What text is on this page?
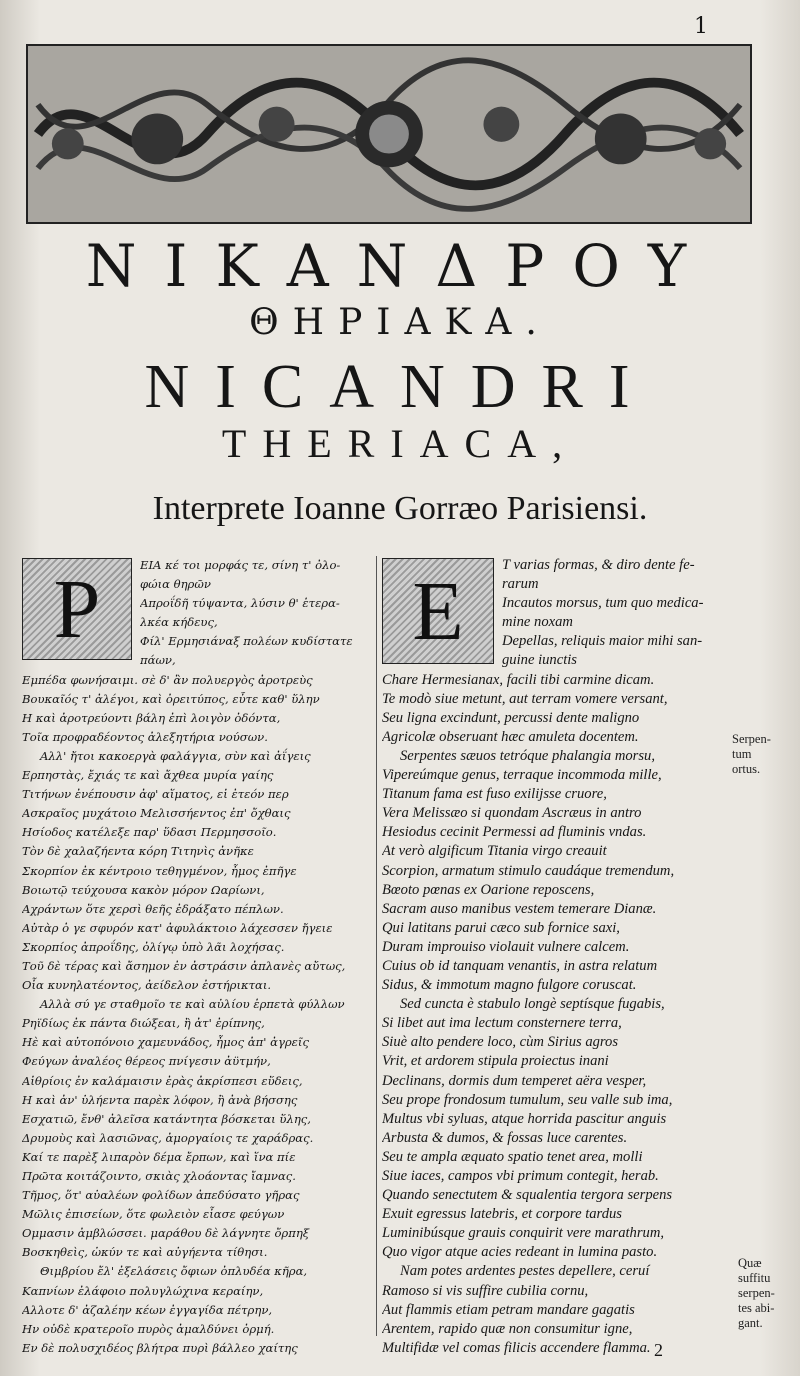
1
ΝΙΚΑΝΔΡΟΥ
ΘΗΡΙΑΚΑ.
NICANDRI
THERIACA,
Interprete Ioanne Gorræo Parisiensi.
P	ΕΙΑ κέ τοι μορφάς τε, σίνη τ' ὀλο-
φώια θηρῶν
Απροΐδῆ τύψαντα, λύσιν θ' ἑτερα-
λκέα κήδευς,
Φίλ' Ερμησιάναξ πολέων κυδίστατε
πάων,
Εμπέδα φωνήσαιμι. σὲ δ' ἂν πολυεργὸς ἀροτρεὺς
Βουκαῖός τ' ἀλέγοι, καὶ ὀρειτύπος, εὖτε καθ' ὕλην
Η καὶ ἀροτρεύοντι βάλη ἐπὶ λοιγὸν ὀδόντα,
Τοῖα προφραδέοντος ἀλεξητήρια νούσων.
Αλλ' ἤτοι κακοεργὰ φαλάγγια, σὺν καὶ ἀΐγεις
Ερπηστὰς, ἔχιάς τε καὶ ἄχθεα μυρία γαίης
Τιτήνων ἐνέπουσιν ἀφ' αἵματος, εἰ ἐτεόν περ
Ασκραῖος μυχάτοιο Μελισσήεντος ἐπ' ὄχθαις
Ησίοδος κατέλεξε παρ' ὕδασι Περμησσοῖο.
Τὸν δὲ χαλαζήεντα κόρη Τιτηνὶς ἀνῆκε
Σκορπίον ἐκ κέντροιο τεθηγμένον, ἦμος ἐπῆγε
Βοιωτῷ τεύχουσα κακὸν μόρον Ωαρίωνι,
Αχράντων ὅτε χερσὶ θεῆς ἐδράξατο πέπλων.
Αὐτὰρ ὁ γε σφυρόν κατ' ἀφυλάκτοιο λάχεσσεν ἤγειε
Σκορπίος ἀπροΐδης, ὀλίγῳ ὑπὸ λᾶι λοχήσας.
Τοῦ δὲ τέρας καὶ ἄσημον ἐν ἀστράσιν ἀπλανὲς αὔτως,
Οἷα κυνηλατέοντος, ἀείδελον ἐστήρικται.
Αλλὰ σύ γε σταθμοῖο τε καὶ αὐλίου ἑρπετὰ φύλλων
Ρηϊδίως ἐκ πάντα διώξεαι, ἢ ἀτ' ἐρίπνης,
Ηὲ καὶ αὐτοπόνοιο χαμευνάδος, ἦμος ἀπ' ἀγρεῖς
Φεύγων ἀναλέος θέρεος πνίγεσιν ἀϋτμήν,
Αἰθρίοις ἐν καλάμαισιν ἐρὰς ἀκρίσπεσι εὕδεις,
Η καὶ ἀν' ὑλήεντα παρὲκ λόφον, ἢ ἀνὰ βήσσης
Εσχατιῶ, ἔνθ' ἀλεῖσα κατάντητα βόσκεται ὕλης,
Δρυμοὺς καὶ λασιῶνας, ἀμοργαίοις τε χαράδρας.
Καί τε παρὲξ λιπαρὸν δέμα ἔρπων, καὶ ἵνα πίε
Πρῶτα κοιτάζοιντο, σκιὰς χλοάοντας ἴαμνας.
Τῆμος, ὅτ' αὐαλέων φολίδων ἀπεδύσατο γῆρας
Μῶλις ἐπισείων, ὅτε φωλειὸν εἶασε φεύγων
Ομμασιν ἀμβλώσσει. μαράθου δὲ λάγνητε ὄρπηξ
Βοσκηθεὶς, ὠκύν τε καὶ αὐγήεντα τίθησι.
Θιμβρίου ἔλ' ἐξελάσεις ὄφιων ὀπλυδέα κῆρα,
Καπνίων ἐλάφοιο πολυγλώχινα κεραίην,
Αλλοτε δ' ἀζαλέην κέων ἐγγαγίδα πέτρην,
Ην οὐδὲ κρατεροῖο πυρὸς ἀμαλδύνει ὁρμή.
Εν δὲ πολυσχιδέος βλήτρα πυρὶ βάλλεο χαίτης
E	T varias formas, & diro dente fe-
rarum
Incautos morsus, tum quo medica-
mine noxam
Depellas, reliquis maior mihi san-
guine iunctis
Chare Hermesianax, facili tibi carmine dicam.
Te modò siue metunt, aut terram vomere versant,
Seu ligna excindunt, percussi dente maligno
Agricolæ obseruant hæc amuleta docentem.
Serpentes sæuos tetróque phalangia morsu,
Vipereúmque genus, terraque incommoda mille,
Titanum fama est fuso exilijsse cruore,
Vera Melissæo si quondam Ascræus in antro
Hesiodus cecinit Permessi ad fluminis vndas.
At verò algificum Titania virgo creauit
Scorpion, armatum stimulo caudáque tremendum,
Bœoto pœnas ex Oarione reposcens,
Sacram auso manibus vestem temerare Dianæ.
Qui latitans parui cæco sub fornice saxi,
Duram improuiso violauit vulnere calcem.
Cuius ob id tanquam venantis, in astra relatum
Sidus, & immotum magno fulgore coruscat.
Sed cuncta è stabulo longè septísque fugabis,
Si libet aut ima lectum consternere terra,
Siuè alto pendere loco, cùm Sirius agros
Vrit, et ardorem stipula proiectus inani
Declinans, dormis dum temperet aëra vesper,
Seu prope frondosum tumulum, seu valle sub ima,
Multus vbi syluas, atque horrida pascitur anguis
Arbusta & dumos, & fossas luce carentes.
Seu te ampla æquato spatio tenet area, molli
Siue iaces, campos vbi primum contegit, herab.
Quando senectutem & squalentia tergora serpens
Exuit egressus latebris, et corpore tardus
Luminibúsque grauis conquirit vere marathrum,
Quo vigor atque acies redeant in lumina pasto.
Nam potes ardentes pestes depellere, ceruí
Ramoso si vis suffire cubilia cornu,
Aut flammis etiam petram mandare gagatis
Arentem, rapido quæ non consumitur igne,
Multifidæ vel comas filicis accendere flamma.
Serpen-
tum
ortus.
Quæ
suffitu
serpen-
tes abi-
gant.
2
